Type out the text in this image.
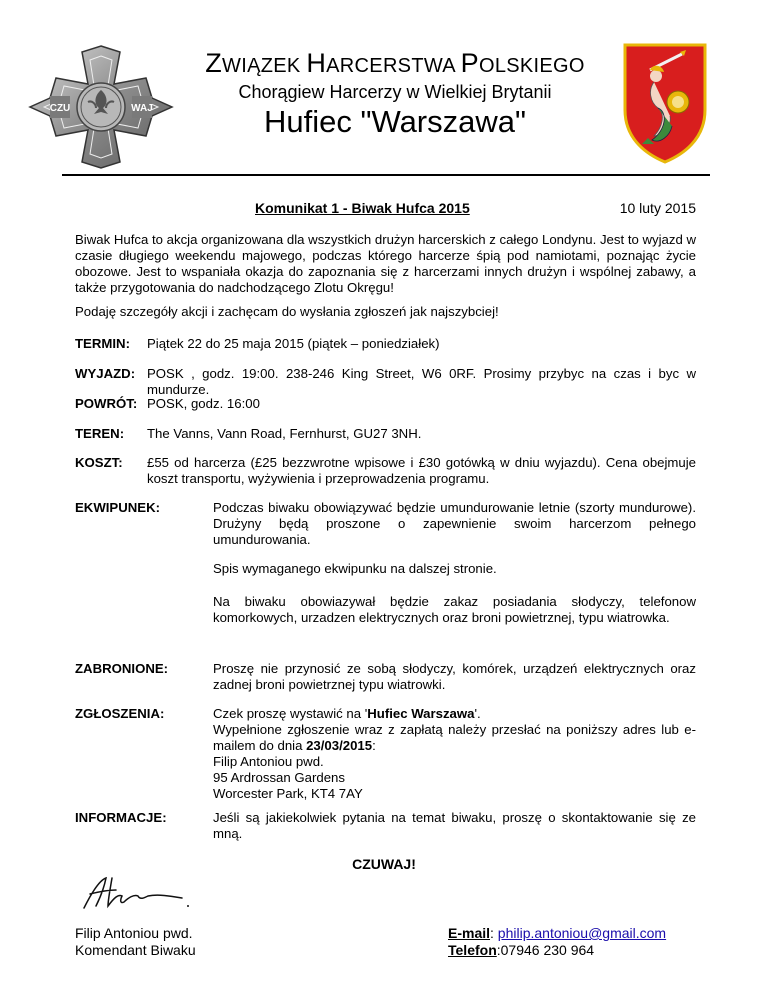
CZU	WAJ
ZWIĄZEK HARCERSTWA POLSKIEGO
Chorągiew Harcerzy w Wielkiej Brytanii
Hufiec "Warszawa"
Komunikat 1 - Biwak Hufca 2015	10 luty 2015
Biwak Hufca to akcja organizowana dla wszystkich drużyn harcerskich z całego Londynu. Jest to wyjazd w czasie długiego weekendu majowego, podczas którego harcerze śpią pod namiotami, poznając życie obozowe. Jest to wspaniała okazja do zapoznania się z harcerzami innych drużyn i wspólnej zabawy, a także przygotowania do nadchodzącego Zlotu Okręgu!
Podaję szczegóły akcji i zachęcam do wysłania zgłoszeń jak najszybciej!
TERMIN: Piątek 22 do 25 maja 2015 (piątek – poniedziałek)
WYJAZD: POSK , godz. 19:00. 238-246 King Street, W6 0RF. Prosimy przybyc na czas i byc w mundurze.
POWRÓT: POSK, godz. 16:00
TEREN: The Vanns, Vann Road, Fernhurst, GU27 3NH.
KOSZT: £55 od harcerza (£25 bezzwrotne wpisowe i £30 gotówką w dniu wyjazdu). Cena obejmuje koszt transportu, wyżywienia i przeprowadzenia programu.
EKWIPUNEK:	Podczas biwaku obowiązywać będzie umundurowanie letnie (szorty mundurowe). Drużyny będą proszone o zapewnienie swoim harcerzom pełnego umundurowania.
Spis wymaganego ekwipunku na dalszej stronie.
Na biwaku obowiazywał będzie zakaz posiadania słodyczy, telefonow komorkowych, urzadzen elektrycznych oraz broni powietrznej, typu wiatrowka.
ZABRONIONE:	Proszę nie przynosić ze sobą słodyczy, komórek, urządzeń elektrycznych oraz zadnej broni powietrznej typu wiatrowki.
ZGŁOSZENIA:	Czek proszę wystawić na 'Hufiec Warszawa'.
Wypełnione zgłoszenie wraz z zapłatą należy przesłać na poniższy adres lub e-mailem do dnia 23/03/2015:
Filip Antoniou pwd.
95 Ardrossan Gardens
Worcester Park, KT4 7AY
INFORMACJE:	Jeśli są jakiekolwiek pytania na temat biwaku, proszę o skontaktowanie się ze mną.
CZUWAJ!
Filip Antoniou pwd.
Komendant Biwaku
E-mail: philip.antoniou@gmail.com
Telefon:07946 230 964
